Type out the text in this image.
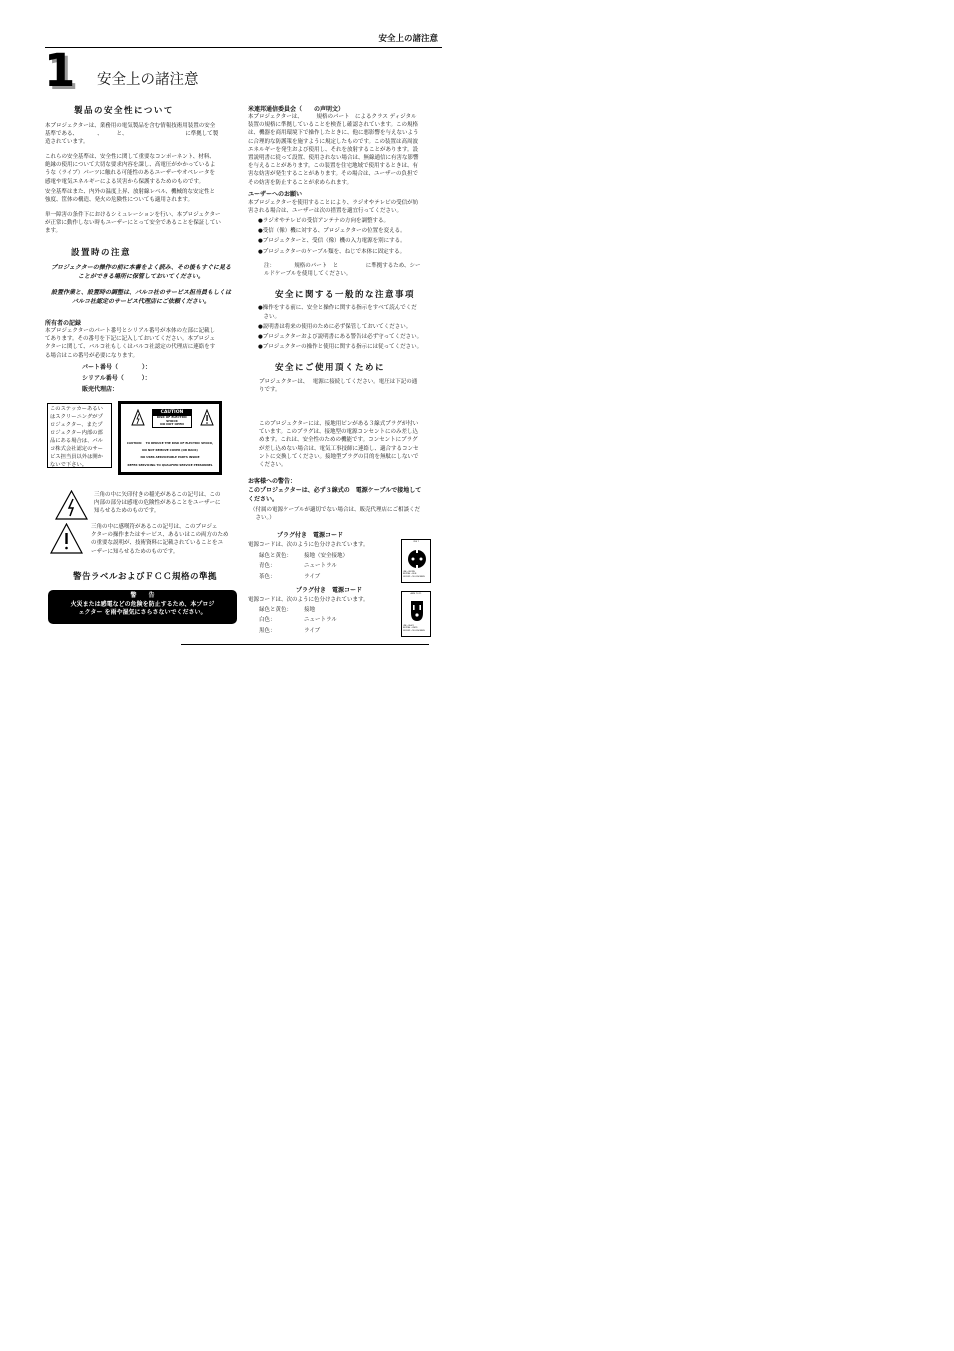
安全上の諸注意
1 安全上の諸注意
製品の安全性について
本プロジェクターは、業務用の電気製品を含む情報技術用装置の安全
基準である、　　　　、　　　と、　　　　　　　　　　　に準拠して製
造されています。
これらの安全基準は、安全性に関して重要なコンポーネント、材料、
絶縁の使用について大切な要求内容を課し、高電圧がかかっているよ
うな（ライブ）パーツに触れる可能性のあるユーザーやオペレータを
感電や電気エネルギーによる災害から保護するためのものです。
安全基準はまた、内外の温度上昇、放射線レベル、機械的な安定性と
強度、筐体の構造、発火の危険性についても適用されます。
単一障害の条件下におけるシミュレーションを行い、本プロジェクター
が正常に動作しない時もユーザーにとって安全であることを保証してい
ます。
設置時の注意
プロジェクターの操作の前に本書をよく読み、その後もすぐに見る
ことができる場所に保管しておいてください。
設置作業と、設置時の調整は、バルコ社のサービス担当員もしくは
バルコ社認定のサービス代理店にご依頼ください。
所有者の記録
本プロジェクターのパート番号とシリアル番号が本体の左部に記載し
てあります。その番号を下記に記入しておいてください。本プロジェ
クターに関して、バルコ社もしくはバルコ社認定の代理店に連絡をす
る場合はこの番号が必要になります。
パート番号（　　　　）：
シリアル番号（　　　）：
販売代理店：
このステッカーあるい
はスクリーニングがプ
ロジェクター、またプ
ロジェクター内部の部
品にある場合は、バル
コ株式会社認定のサー
ビス担当員以外は開か
ないで下さい。
CAUTION
RISK OF ELECTRIC SHOCK
DO NOT OPEN
CAUTION:　 TO REDUCE THE RISK OF ELECTRIC SHOCK,
DO NOT REMOVE COVER (OR BACK)
NO USER-SERVICEABLE PARTS INSIDE
REFER SERVICING TO QUALIFIED SERVICE PERSONNEL
三角の中に矢印付きの稲光があるこの記号は、この
内部の部分は感電の危険性があることをユーザーに
知らせるためのものです。
三角の中に感嘆符があるこの記号は、このプロジェ
クターの操作またはサービス、あるいはこの両方のため
の重要な説明が、技術資料に記載されていることをユ
ーザーに知らせるためのものです。
警告ラベルおよびＦＣＣ規格の準拠
警　　告
火災または感電などの危険を防止するため、本プロジ
ェクター を雨や湿気にさらさないでください。
米連邦通信委員会（　　の声明文）
本プロジェクターは、　　　規格のパート　によるクラス ディジタル
装置の規格に準拠していることを検査し確認されています。この規格
は、機器を商用環境下で操作したときに、他に悪影響を与えないよう
に合理的な防護策を施すように規定したものです。この装置は高周波
エネルギーを発生および使用し、それを放射することがあります。設
置説明書に従って設置、使用されない場合は、無線通信に有害な影響
を与えることがあります。この装置を住宅地域で使用するときは、有
害な妨害が発生することがあります。その場合は、ユーザーの負担で
その妨害を防止することが求められます。
ユーザーへのお願い
本プロジェクターを使用することにより、ラジオやテレビの受信が妨
害される場合は、ユーザーは次の措置を適宜行ってください。
●ラジオやテレビの受信アンテナの方向を調整する。
●受信（像）機に対する、プロジェクターの位置を変える。
●プロジェクターと、受信（像）機の入力電源を別にする。
●プロジェクターのケーブル類を、ねじで本体に固定する。
注：　　　　規格のパート　と　　　　　に準拠するため、シー
ルドケーブルを使用してください。
安全に関する一般的な注意事項
●操作をする前に、安全と操作に関する指示をすべて読んでくだ
　さい。
●説明書は将来の使用のために必ず保管しておいてください。
●プロジェクターおよび説明書にある警告は必ず守ってください。
●プロジェクターの操作と使用に関する指示には従ってください。
安全にご使用頂くために
プロジェクターは、　 電源に接続してください。電圧は下記の通
りです。
このプロジェクターには、接地用ピンがある３線式プラグが付い
ています。このプラグは、接地型の電源コンセントにのみ差し込
めます。これは、安全性のための機能です。コンセントにプラグ
が差し込めない場合は、電気工事技師に連絡し、適合するコンセ
ントに交換してください。接地型プラグの目的を無駄にしないで
ください。
お客様への警告：
このプロジェクターは、必ず３線式の　電源ケーブルで接地して
ください。
（付属の電源ケーブルが適切でない場合は、販売代理店にご相談くだ
　さい。）
プラグ付き　電源コード
電源コードは、次のように色分けされています。
緑色と黄色： 接地（安全接地）
青色：	ニュートラル
茶色：	ライブ
CEE 7
LINE • BROWN
NEUTRAL • BLUE
GROUND • YELLOW/GREEN
プラグ付き　電源コード
電源コードは、次のように色分けされています。
緑色と黄色： 接地
白色：	ニュートラル
黒色：	ライブ
ANSI 73.11
LINE • BLACK
NEUTRAL • WHITE
GROUND • YELLOW/GREEN
